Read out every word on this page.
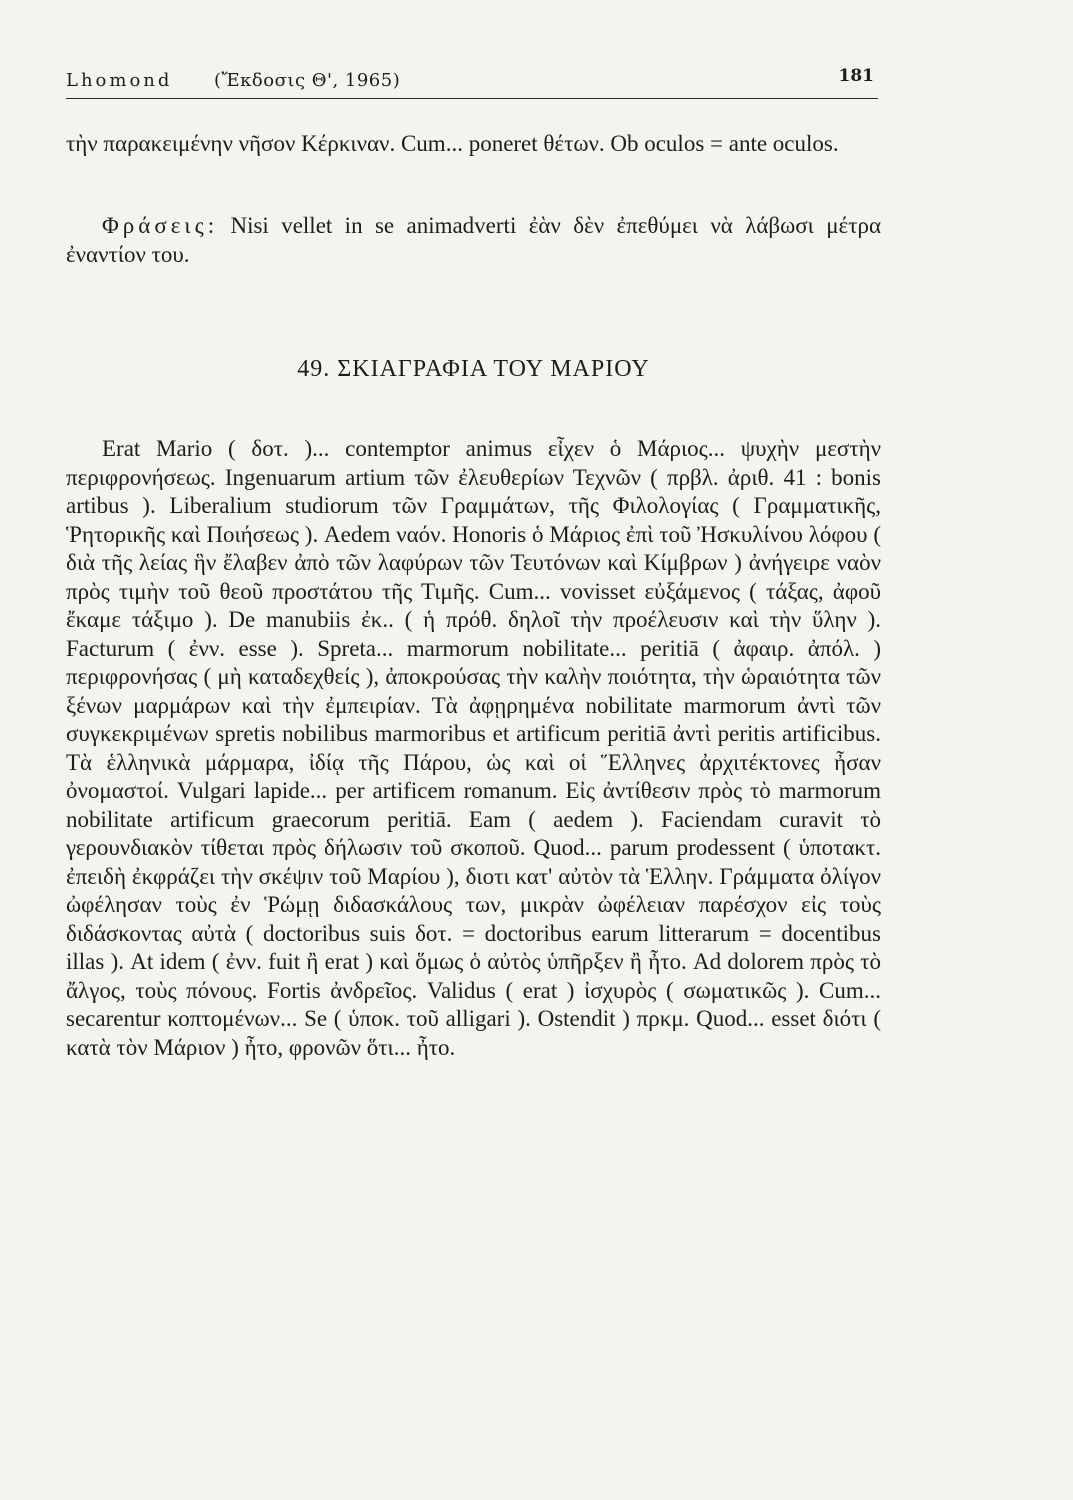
Lhomond (Ἔκδοσις Θ', 1965)	181

τὴν παρακειμένην νῆσον Κέρκιναν. Cum... poneret θέτων. Ob oculos = ante oculos.

Φράσεις: Nisi vellet in se animadverti ἐὰν δὲν ἐπεθύμει νὰ λάβωσι μέτρα ἐναντίον του.

49. ΣΚΙΑΓΡΑΦΙΑ ΤΟΥ ΜΑΡΙΟΥ

Erat Mario ( δοτ. )... contemptor animus εἶχεν ὁ Μάριος... ψυχὴν μεστὴν περιφρονήσεως. Ingenuarum artium τῶν ἐλευθερίων Τεχνῶν ( πρβλ. ἀριθ. 41 : bonis artibus ). Liberalium studiorum τῶν Γραμμάτων, τῆς Φιλολογίας ( Γραμματικῆς, Ῥητορικῆς καὶ Ποιήσεως ). Aedem ναόν. Honoris ὁ Μάριος ἐπὶ τοῦ Ἠσκυλίνου λόφου ( διὰ τῆς λείας ἣν ἔλαβεν ἀπὸ τῶν λαφύρων τῶν Τευτόνων καὶ Κίμβρων ) ἀνήγειρε ναὸν πρὸς τιμὴν τοῦ θεοῦ προστάτου τῆς Τιμῆς. Cum... vovisset εὐξάμενος ( τάξας, ἀφοῦ ἔκαμε τάξιμο ). De manubiis ἐκ.. ( ἡ πρόθ. δηλοῖ τὴν προέλευσιν καὶ τὴν ὕλην ). Facturum ( ἐνν. esse ). Spreta... marmorum nobilitate... peritiā ( ἀφαιρ. ἀπόλ. ) περιφρονήσας ( μὴ καταδεχθείς ), ἀποκρούσας τὴν καλὴν ποιότητα, τὴν ὡραιότητα τῶν ξένων μαρμάρων καὶ τὴν ἐμπειρίαν. Τὰ ἀφῃρημένα nobilitate marmorum ἀντὶ τῶν συγκεκριμένων spretis nobilibus marmoribus et artificum peritiā ἀντὶ peritis artificibus. Τὰ ἑλληνικὰ μάρμαρα, ἰδίᾳ τῆς Πάρου, ὡς καὶ οἱ Ἕλληνες ἀρχιτέκτονες ἦσαν ὀνομαστοί. Vulgari lapide... per artificem romanum. Εἰς ἀντίθεσιν πρὸς τὸ marmorum nobilitate artificum graecorum peritiā. Eam ( aedem ). Faciendam curavit τὸ γερουνδιακὸν τίθεται πρὸς δήλωσιν τοῦ σκοποῦ. Quod... parum prodessent ( ὑποτακτ. ἐπειδὴ ἐκφράζει τὴν σκέψιν τοῦ Μαρίου ), διοτι κατ' αὐτὸν τὰ Ἑλλην. Γράμματα ὀλίγον ὠφέλησαν τοὺς ἐν Ῥώμῃ διδασκάλους των, μικρὰν ὠφέλειαν παρέσχον εἰς τοὺς διδάσκοντας αὐτὰ ( doctoribus suis δοτ. = doctoribus earum litterarum = docentibus illas ). At idem ( ἐνν. fuit ἢ erat ) καὶ ὅμως ὁ αὐτὸς ὑπῆρξεν ἢ ἦτο. Ad dolorem πρὸς τὸ ἄλγος, τοὺς πόνους. Fortis ἀνδρεῖος. Validus ( erat ) ἰσχυρὸς ( σωματικῶς ). Cum... secarentur κοπτομένων... Se ( ὑποκ. τοῦ alligari ). Ostendit ) πρκμ. Quod... esset διότι ( κατὰ τὸν Μάριον ) ἦτο, φρονῶν ὅτι... ἦτο.
